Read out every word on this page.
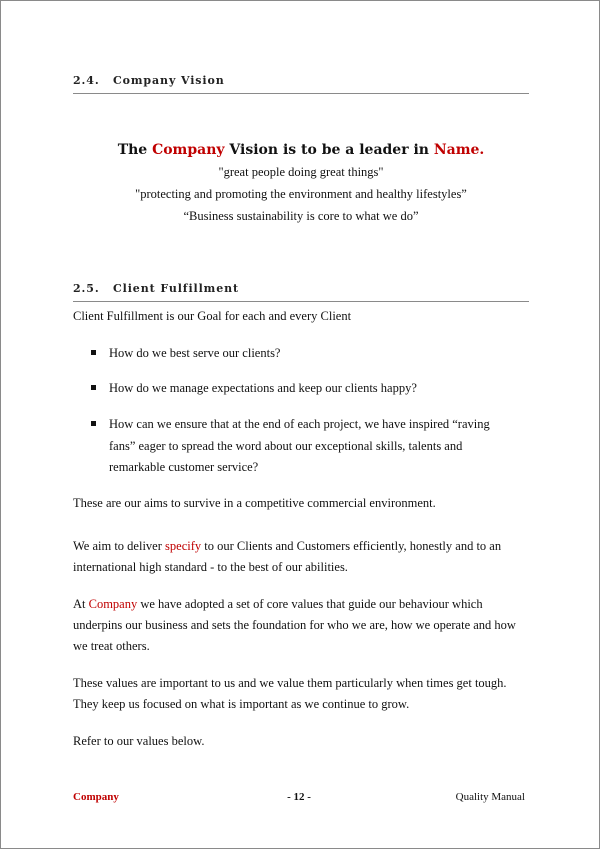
2.4. Company Vision
The Company Vision is to be a leader in Name.
"great people doing great things"
"protecting and promoting the environment and healthy lifestyles”
“Business sustainability is core to what we do”
2.5. Client Fulfillment
Client Fulfillment is our Goal for each and every Client
How do we best serve our clients?
How do we manage expectations and keep our clients happy?
How can we ensure that at the end of each project, we have inspired “raving fans” eager to spread the word about our exceptional skills, talents and remarkable customer service?
These are our aims to survive in a competitive commercial environment.
We aim to deliver specify to our Clients and Customers efficiently, honestly and to an international high standard - to the best of our abilities.
At Company we have adopted a set of core values that guide our behaviour which underpins our business and sets the foundation for who we are, how we operate and how we treat others.
These values are important to us and we value them particularly when times get tough. They keep us focused on what is important as we continue to grow.
Refer to our values below.
- 12 -
Company	Quality Manual
